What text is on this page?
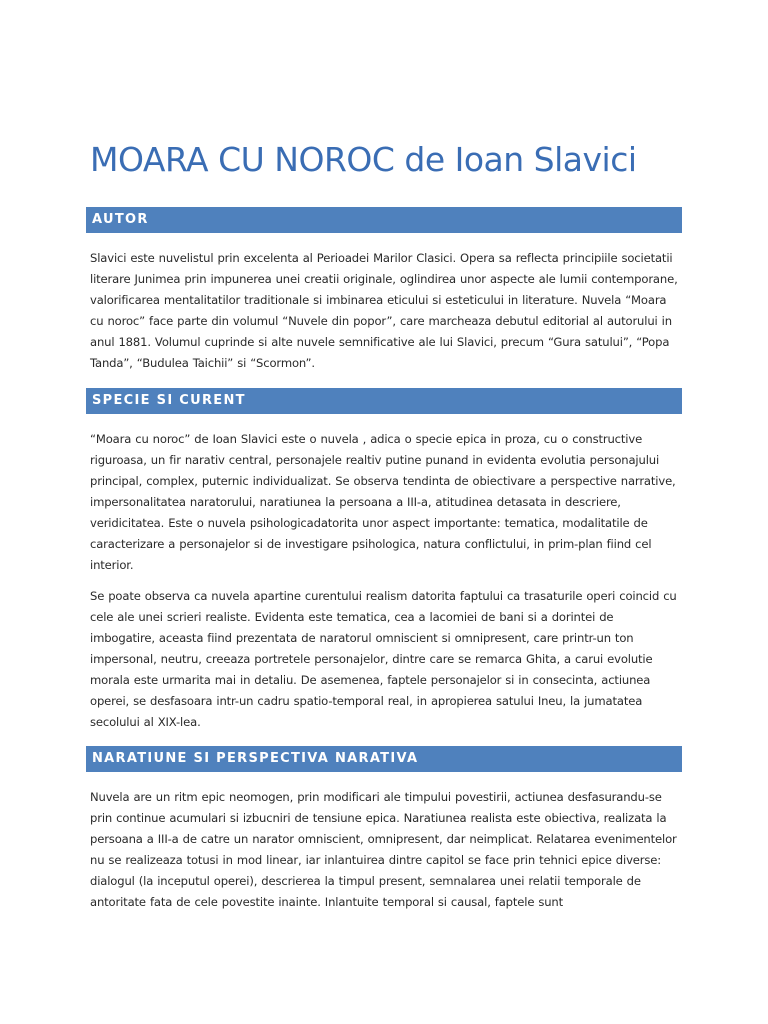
MOARA CU NOROC de Ioan Slavici
AUTOR

Slavici este nuvelistul prin excelenta al Perioadei Marilor Clasici. Opera sa reflecta principiile societatii literare Junimea prin impunerea unei creatii originale, oglindirea unor aspecte ale lumii contemporane, valorificarea mentalitatilor traditionale si imbinarea eticului si esteticului in literature. Nuvela “Moara cu noroc” face parte din volumul “Nuvele din popor”, care marcheaza debutul editorial al autorului in anul 1881. Volumul cuprinde si alte nuvele semnificative ale lui Slavici, precum “Gura satului”, “Popa Tanda”, “Budulea Taichii” si “Scormon”.

SPECIE SI CURENT

“Moara cu noroc” de Ioan Slavici este o nuvela , adica o specie epica in proza, cu o constructive riguroasa, un fir narativ central, personajele realtiv putine punand in evidenta evolutia personajului principal, complex, puternic individualizat. Se observa tendinta de obiectivare a perspective narrative, impersonalitatea naratorului, naratiunea la persoana a III-a, atitudinea detasata in descriere, veridicitatea. Este o nuvela psihologicadatorita unor aspect importante: tematica, modalitatile de caracterizare a personajelor si de investigare psihologica, natura conflictului, in prim-plan fiind cel interior.

Se poate observa ca nuvela apartine curentului realism datorita faptului ca trasaturile operi coincid cu cele ale unei scrieri realiste. Evidenta este tematica, cea a lacomiei de bani si a dorintei de imbogatire, aceasta fiind prezentata de naratorul omniscient si omnipresent, care printr-un ton impersonal, neutru, creeaza portretele personajelor, dintre care se remarca Ghita, a carui evolutie morala este urmarita mai in detaliu. De asemenea, faptele personajelor si in consecinta, actiunea operei, se desfasoara intr-un cadru spatio-temporal real, in apropierea satului Ineu, la jumatatea secolului al XIX-lea.

NARATIUNE SI PERSPECTIVA NARATIVA

Nuvela are un ritm epic neomogen, prin modificari ale timpului povestirii, actiunea desfasurandu-se prin continue acumulari si izbucniri de tensiune epica. Naratiunea realista este obiectiva, realizata la persoana a III-a de catre un narator omniscient, omnipresent, dar neimplicat. Relatarea evenimentelor nu se realizeaza totusi in mod linear, iar inlantuirea dintre capitol se face prin tehnici epice diverse: dialogul (la inceputul operei), descrierea la timpul present, semnalarea unei relatii temporale de antoritate fata de cele povestite inainte. Inlantuite temporal si causal, faptele sunt
